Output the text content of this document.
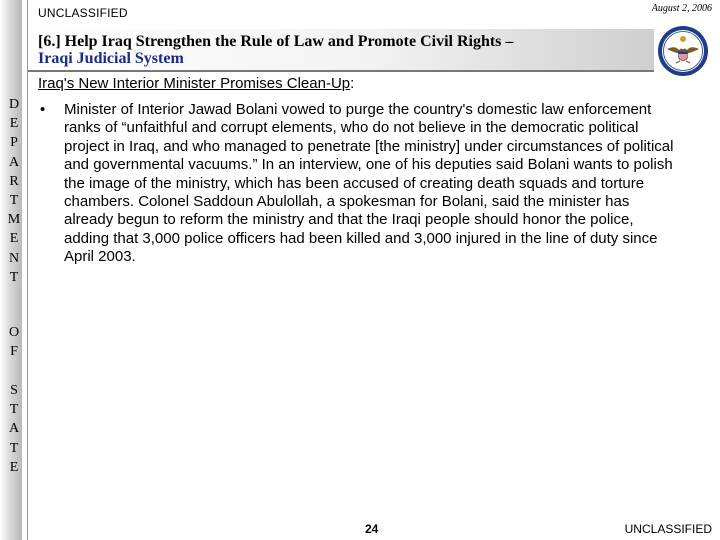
D
E
P
A
R
T
M
E
N
T
O
F
S
T
A
T
E
UNCLASSIFIED	August 2, 2006
[6.] Help Iraq Strengthen the Rule of Law and Promote Civil Rights –
Iraqi Judicial System
Iraq's New Interior Minister Promises Clean-Up:
• Minister of Interior Jawad Bolani vowed to purge the country's domestic law enforcement ranks of “unfaithful and corrupt elements, who do not believe in the democratic political project in Iraq, and who managed to penetrate [the ministry] under circumstances of political and governmental vacuums.” In an interview, one of his deputies said Bolani wants to polish the image of the ministry, which has been accused of creating death squads and torture chambers. Colonel Saddoun Abulollah, a spokesman for Bolani, said the minister has already begun to reform the ministry and that the Iraqi people should honor the police, adding that 3,000 police officers had been killed and 3,000 injured in the line of duty since April 2003.
24	UNCLASSIFIED
